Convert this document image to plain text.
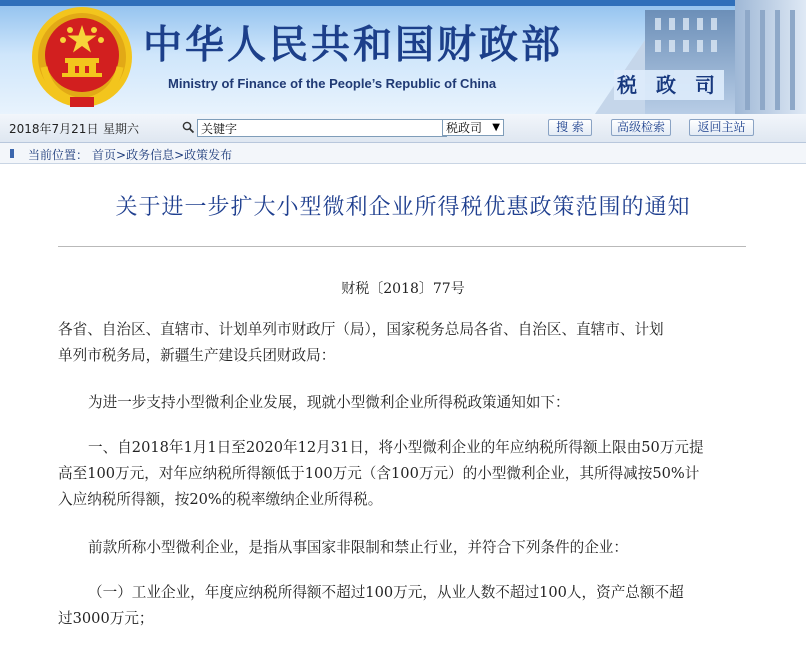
中华人民共和国财政部
Ministry of Finance of the People’s Republic of China	税 政 司
2018年7月21日 星期六
关键字	税政司 ▼	搜 索	高级检索	返回主站
当前位置： 首页>政务信息>政策发布
关于进一步扩大小型微利企业所得税优惠政策范围的通知
财税〔2018〕77号

各省、自治区、直辖市、计划单列市财政厅（局），国家税务总局各省、自治区、直辖市、计划
单列市税务局，新疆生产建设兵团财政局：

为进一步支持小型微利企业发展，现就小型微利企业所得税政策通知如下：

一、自2018年1月1日至2020年12月31日，将小型微利企业的年应纳税所得额上限由50万元提
高至100万元，对年应纳税所得额低于100万元（含100万元）的小型微利企业，其所得减按50%计
入应纳税所得额，按20%的税率缴纳企业所得税。

前款所称小型微利企业，是指从事国家非限制和禁止行业，并符合下列条件的企业：

（一）工业企业，年度应纳税所得额不超过100万元，从业人数不超过100人，资产总额不超
过3000万元；
